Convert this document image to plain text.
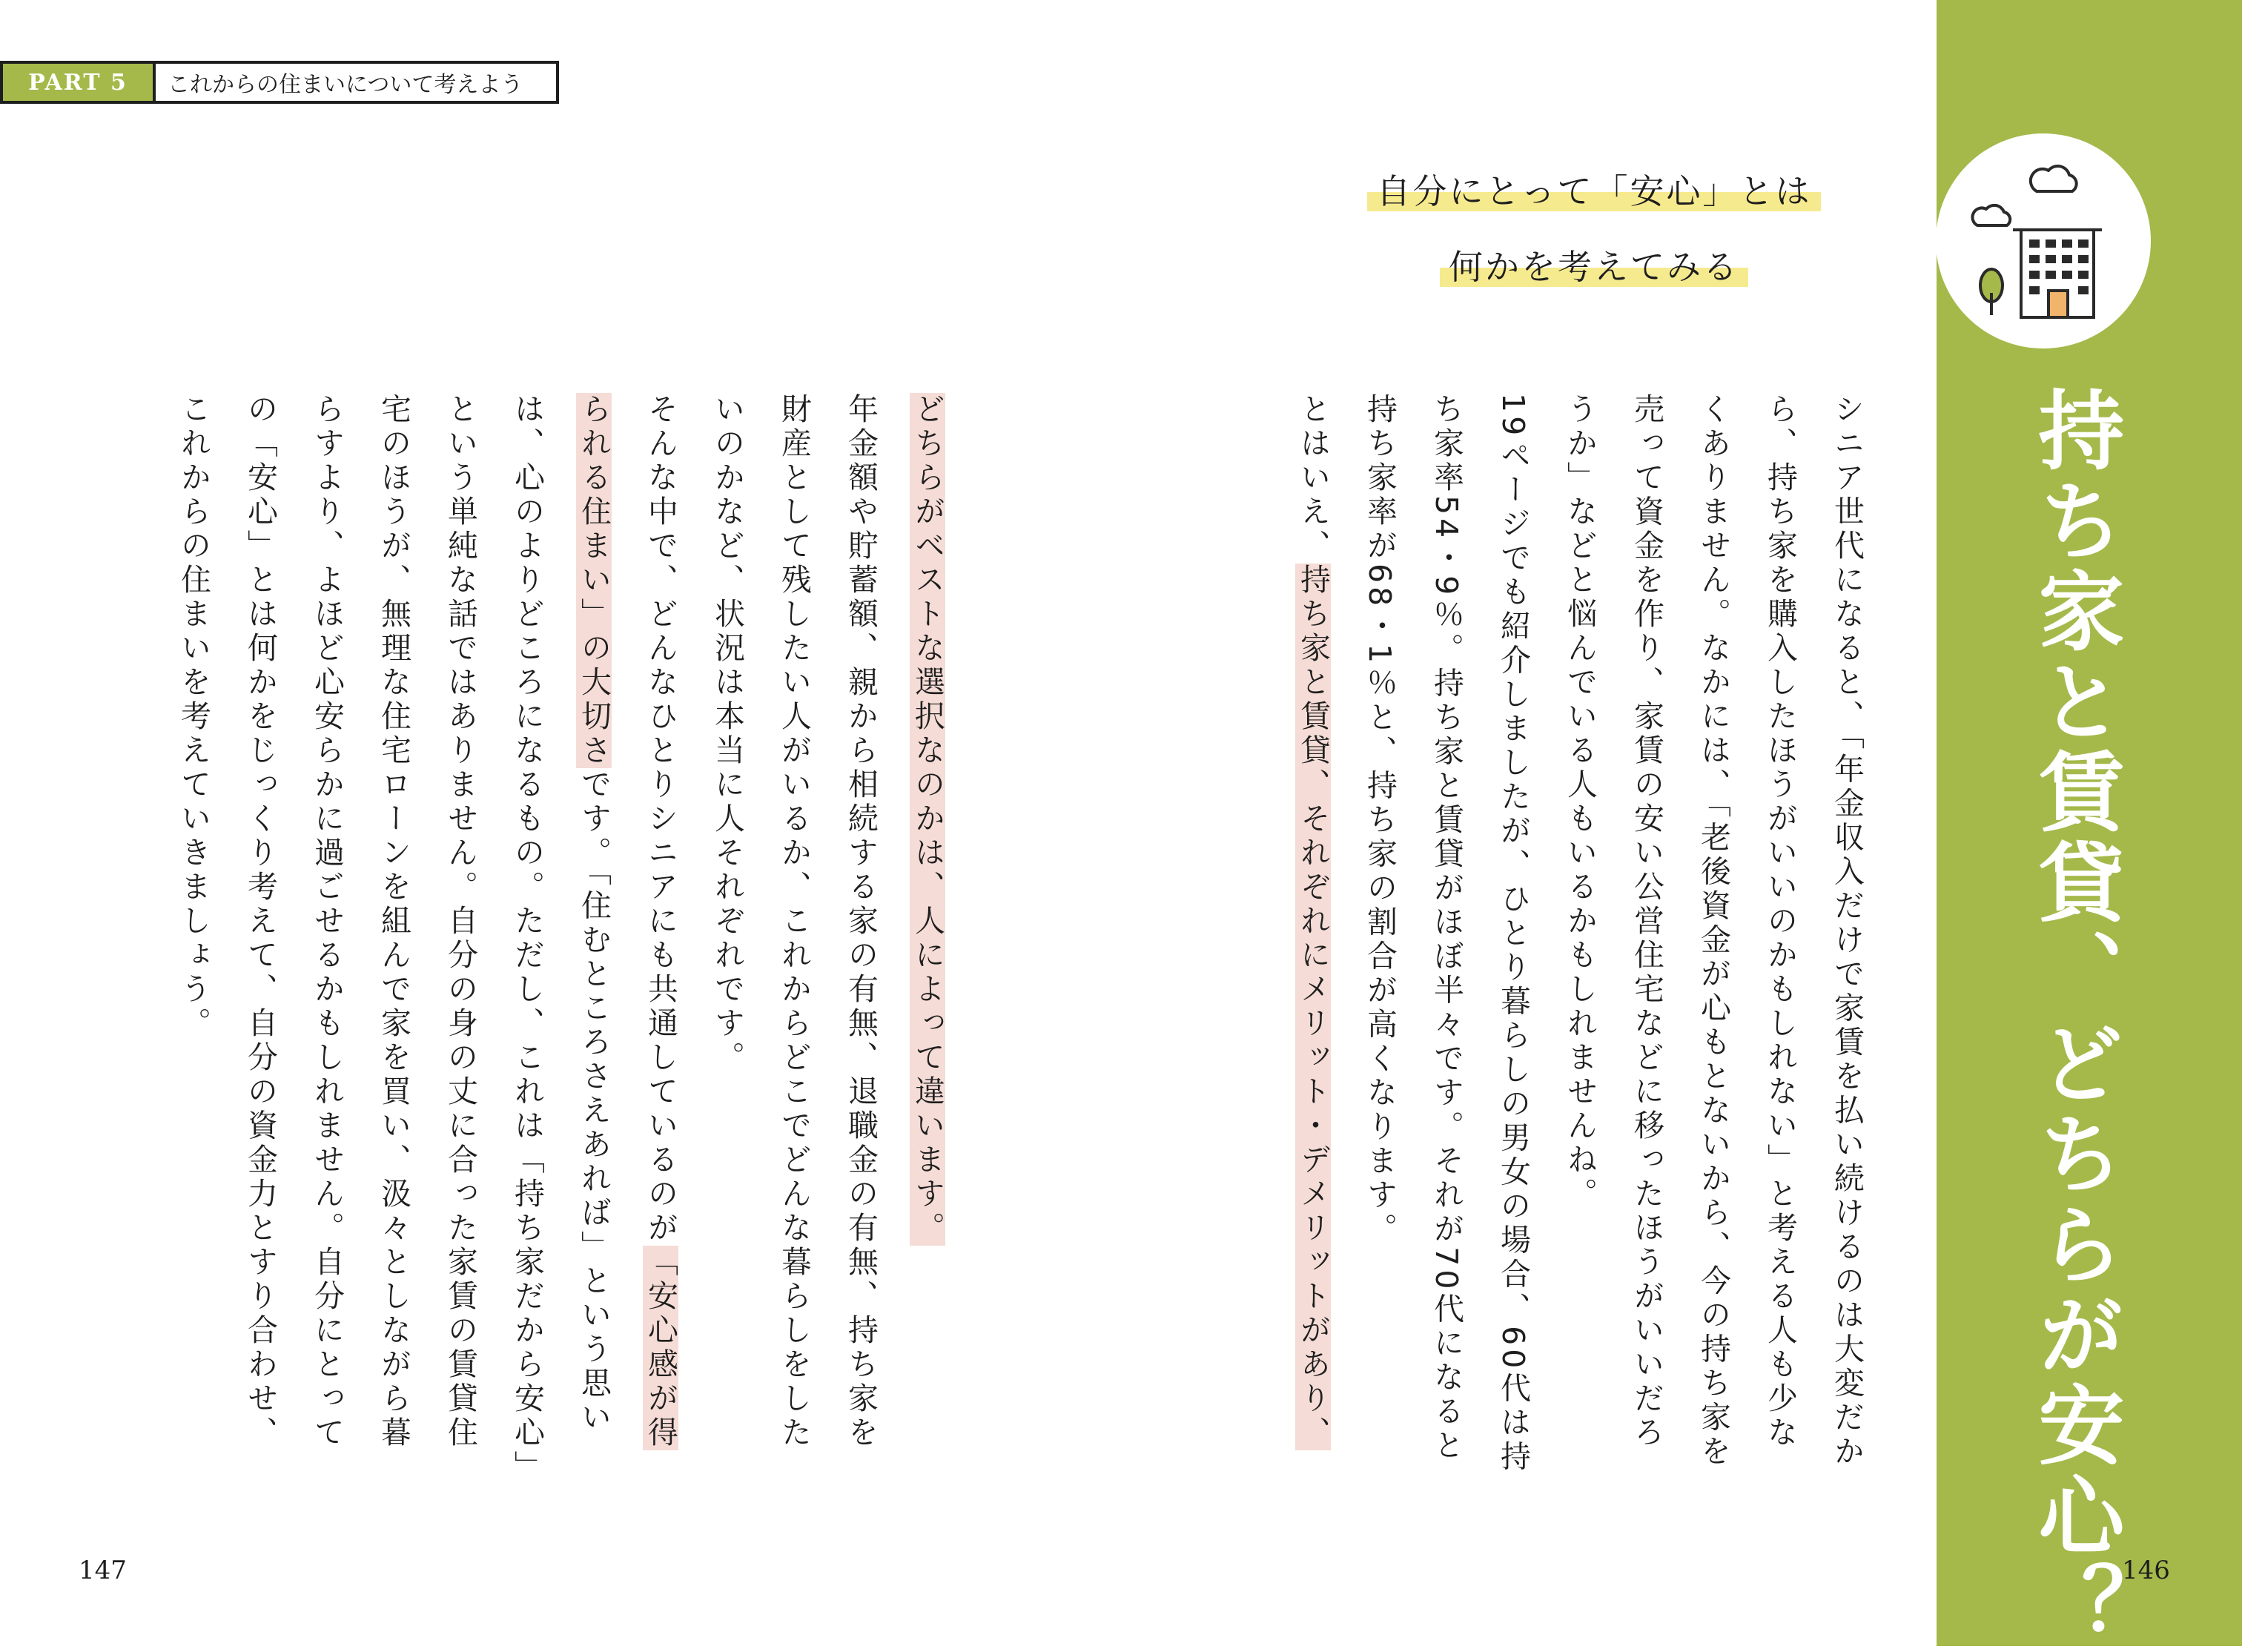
PART 5	これからの住まいについて考えよう
持ち家と賃貸、どちらが安心？
自分にとって「安心」とは
何かを考えてみる
シニア世代になると、「年金収入だけで家賃を払い続けるのは大変だから、持ち家を購入したほうがいいのかもしれない」と考える人も少なくありません。なかには、「老後資金が心もとないから、今の持ち家を売って資金を作り、家賃の安い公営住宅などに移ったほうがいいだろうか」などと悩んでいる人もいるかもしれませんね。
19ページでも紹介しましたが、ひとり暮らしの男女の場合、60代は持ち家率54・9％。持ち家と賃貸がほぼ半々です。それが70代になると持ち家率が68・1％と、持ち家の割合が高くなります。
とはいえ、持ち家と賃貸、それぞれにメリット・デメリットがあり、
どちらがベストな選択なのかは、人によって違います。
年金額や貯蓄額、親から相続する家の有無、退職金の有無、持ち家を財産として残したい人がいるか、これからどこでどんな暮らしをしたいのかなど、状況は本当に人それぞれです。
そんな中で、どんなひとりシニアにも共通しているのが「安心感が得られる住まい」の大切さです。「住むところさえあれば」という思いは、心のよりどころになるもの。ただし、これは「持ち家だから安心」という単純な話ではありません。自分の身の丈に合った家賃の賃貸住宅のほうが、無理な住宅ローンを組んで家を買い、汲々としながら暮らすより、よほど心安らかに過ごせるかもしれません。自分にとっての「安心」とは何かをじっくり考えて、自分の資金力とすり合わせ、これからの住まいを考えていきましょう。
147	146
